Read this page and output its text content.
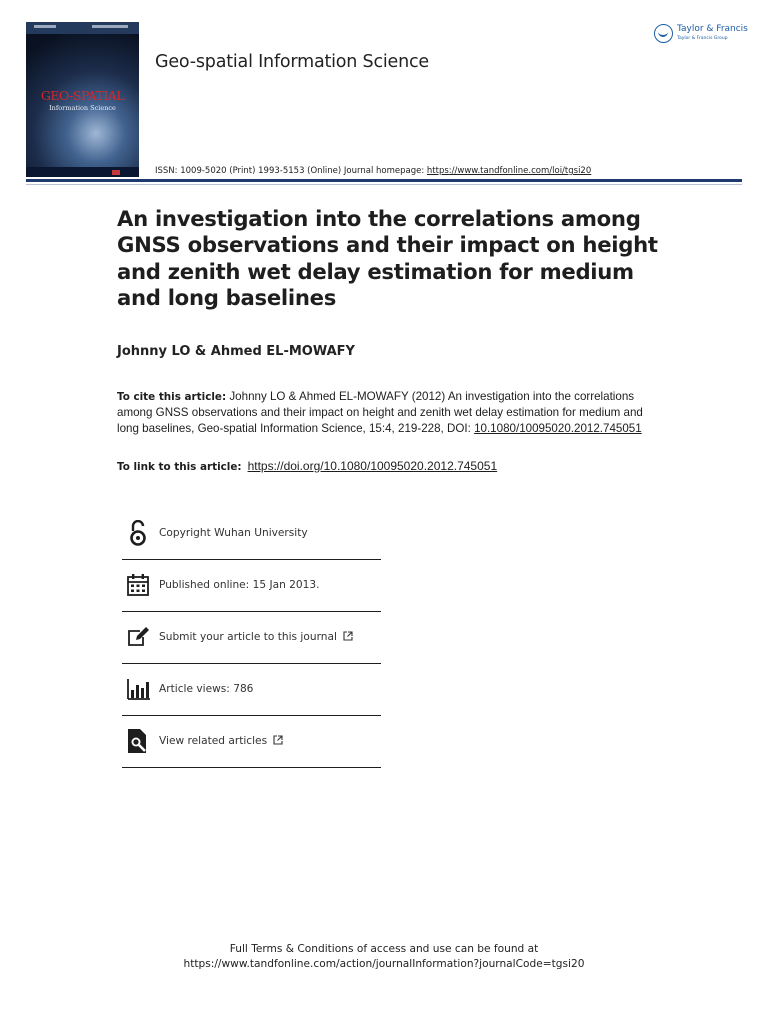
GEO-SPATIAL
Information Science
Geo-spatial Information Science
ISSN: 1009-5020 (Print) 1993-5153 (Online) Journal homepage: https://www.tandfonline.com/loi/tgsi20
Taylor & Francis
Taylor & Francis Group
An investigation into the correlations among GNSS observations and their impact on height and zenith wet delay estimation for medium and long baselines
Johnny LO & Ahmed EL-MOWAFY

To cite this article: Johnny LO & Ahmed EL-MOWAFY (2012) An investigation into the correlations among GNSS observations and their impact on height and zenith wet delay estimation for medium and long baselines, Geo-spatial Information Science, 15:4, 219-228, DOI: 10.1080/10095020.2012.745051

To link to this article: https://doi.org/10.1080/10095020.2012.745051
Copyright Wuhan University
Published online: 15 Jan 2013.
Submit your article to this journal
Article views: 786
View related articles
Full Terms & Conditions of access and use can be found at
https://www.tandfonline.com/action/journalInformation?journalCode=tgsi20
